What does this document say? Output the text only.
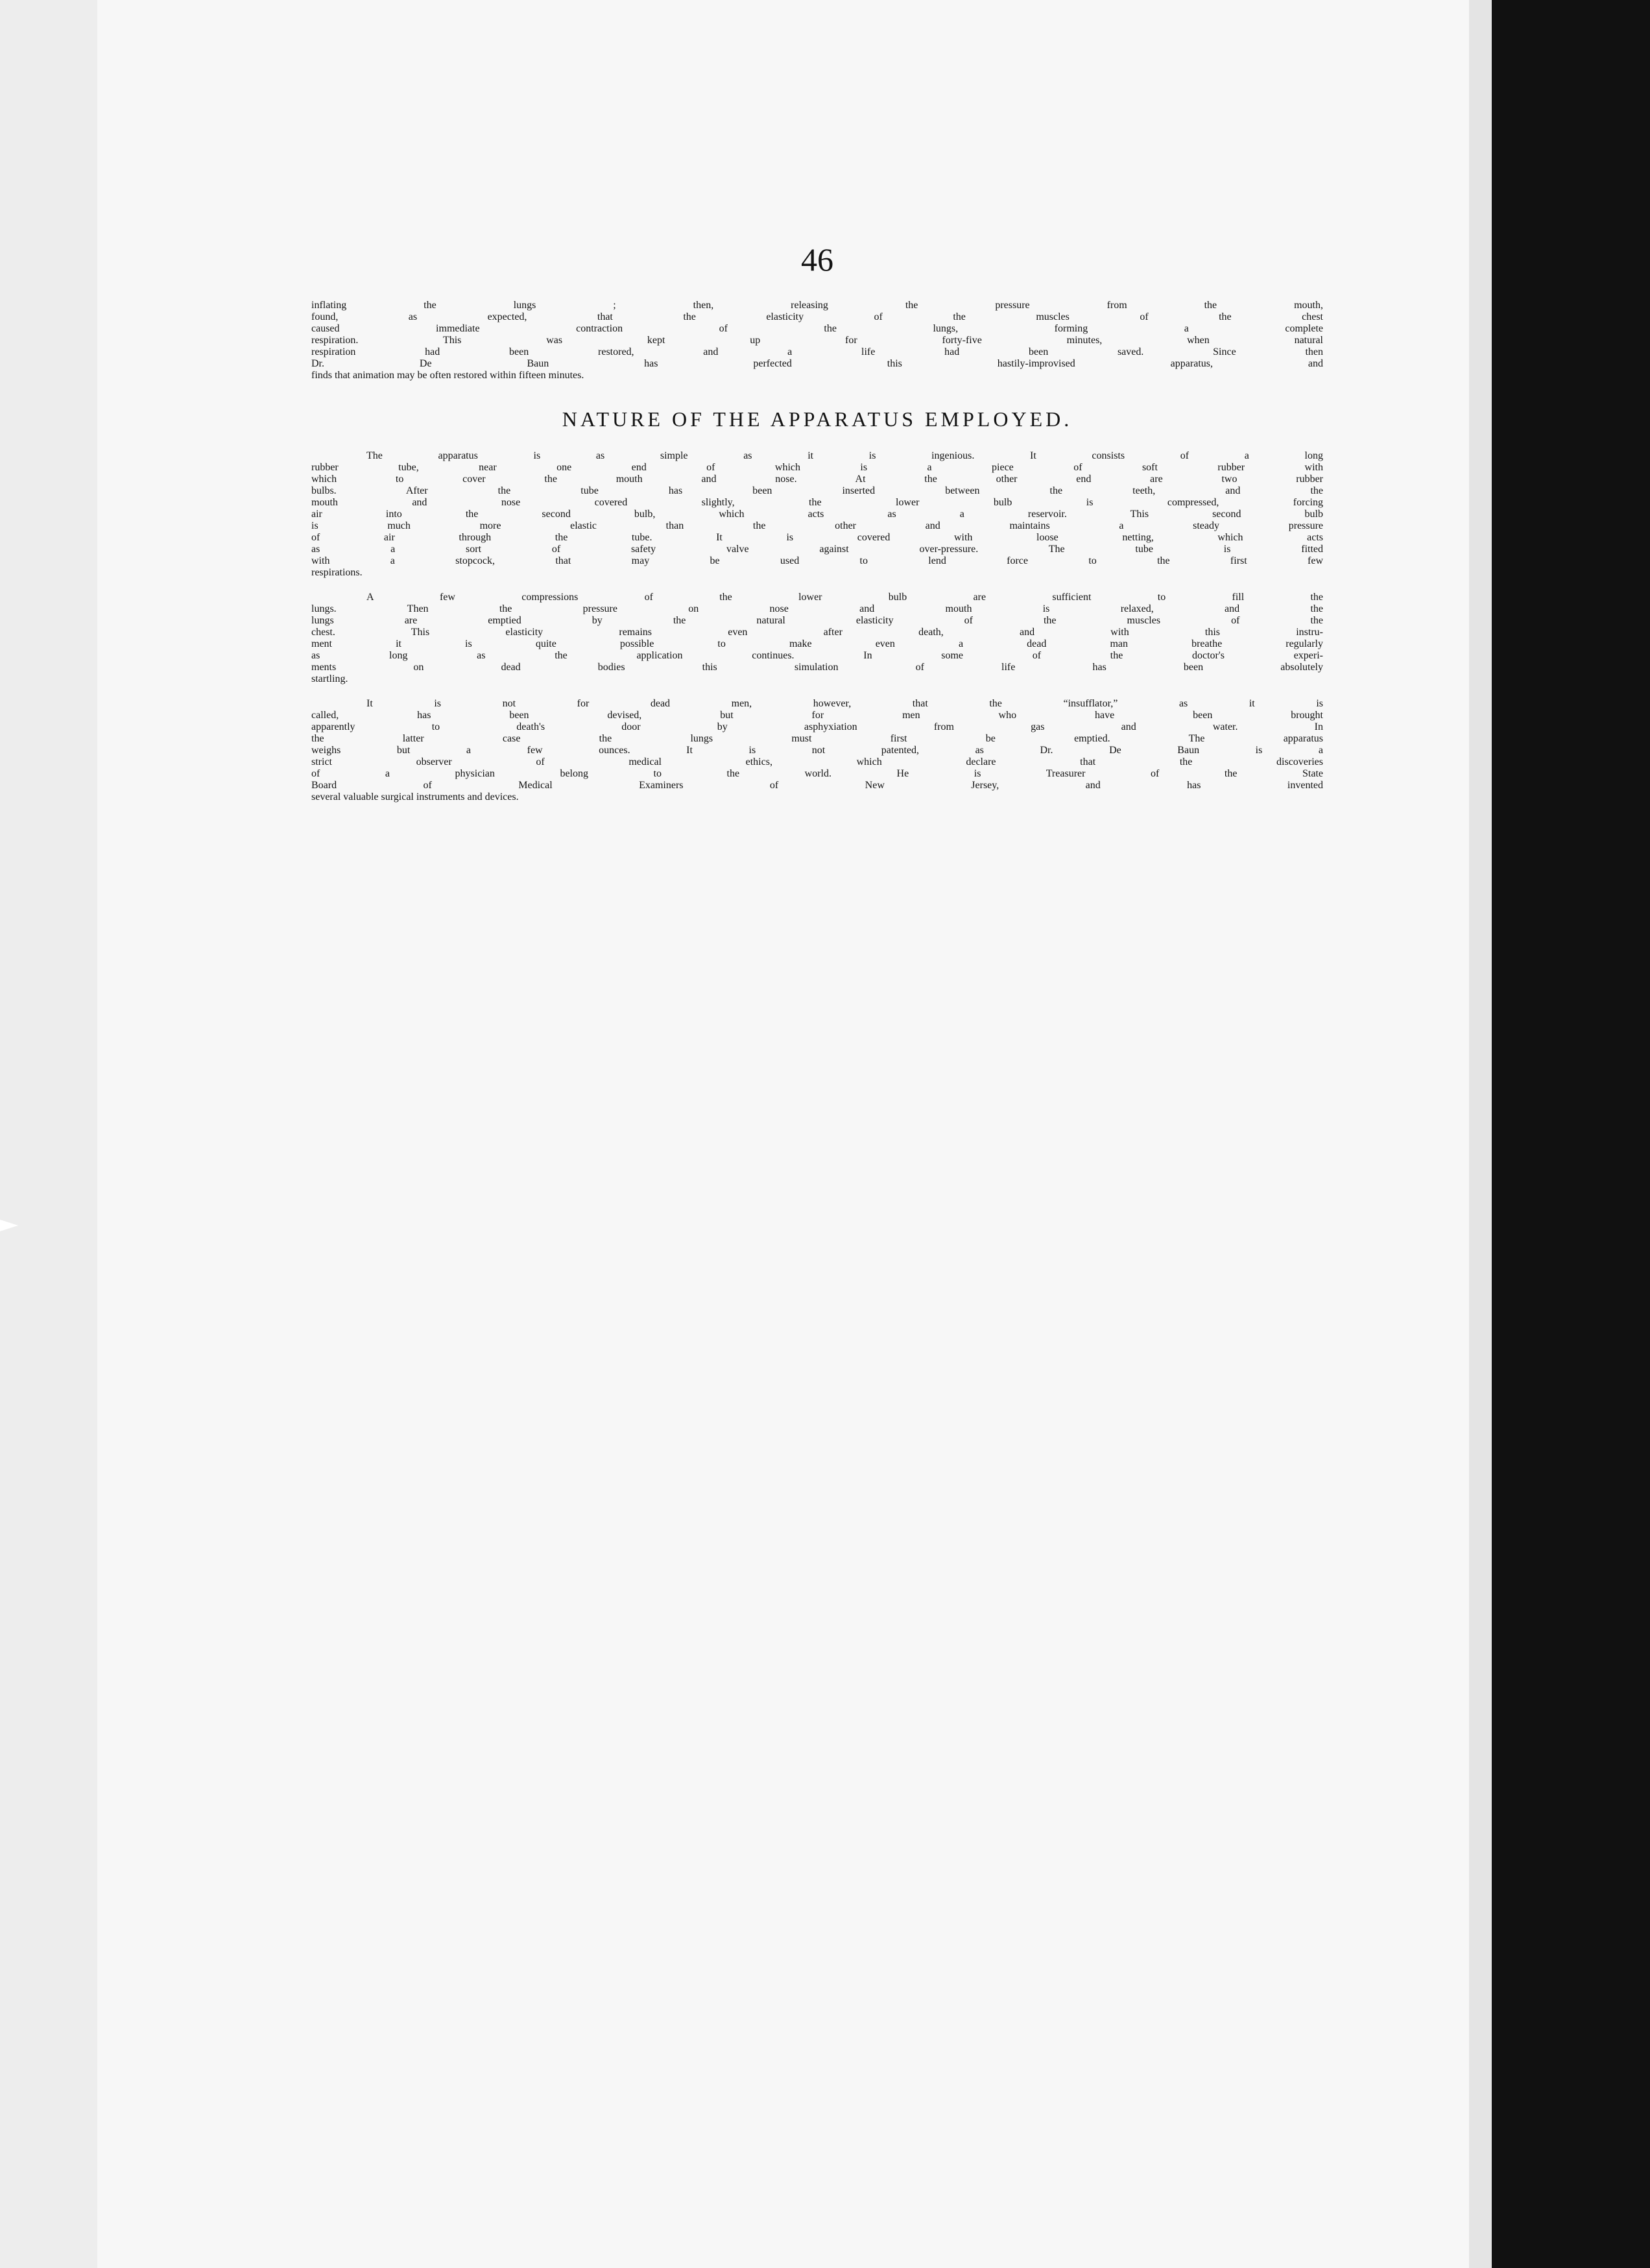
46
inflating the lungs ; then, releasing the pressure from the mouth,
found, as expected, that the elasticity of the muscles of the chest
caused immediate contraction of the lungs, forming a complete
respiration. This was kept up for forty-five minutes, when natural
respiration had been restored, and a life had been saved. Since then
Dr. De Baun has perfected this hastily-improvised apparatus, and
finds that animation may be often restored within fifteen minutes.
NATURE OF THE APPARATUS EMPLOYED.
The apparatus is as simple as it is ingenious. It consists of a long
rubber tube, near one end of which is a piece of soft rubber with
which to cover the mouth and nose. At the other end are two rubber
bulbs. After the tube has been inserted between the teeth, and the
mouth and nose covered slightly, the lower bulb is compressed, forcing
air into the second bulb, which acts as a reservoir. This second bulb
is much more elastic than the other and maintains a steady pressure
of air through the tube. It is covered with loose netting, which acts
as a sort of safety valve against over-pressure. The tube is fitted
with a stopcock, that may be used to lend force to the first few
respirations.
A few compressions of the lower bulb are sufficient to fill the
lungs. Then the pressure on nose and mouth is relaxed, and the
lungs are emptied by the natural elasticity of the muscles of the
chest. This elasticity remains even after death, and with this instru-
ment it is quite possible to make even a dead man breathe regularly
as long as the application continues. In some of the doctor's experi-
ments on dead bodies this simulation of life has been absolutely
startling.
It is not for dead men, however, that the “insufflator,” as it is
called, has been devised, but for men who have been brought
apparently to death's door by asphyxiation from gas and water. In
the latter case the lungs must first be emptied. The apparatus
weighs but a few ounces. It is not patented, as Dr. De Baun is a
strict observer of medical ethics, which declare that the discoveries
of a physician belong to the world. He is Treasurer of the State
Board of Medical Examiners of New Jersey, and has invented
several valuable surgical instruments and devices.
